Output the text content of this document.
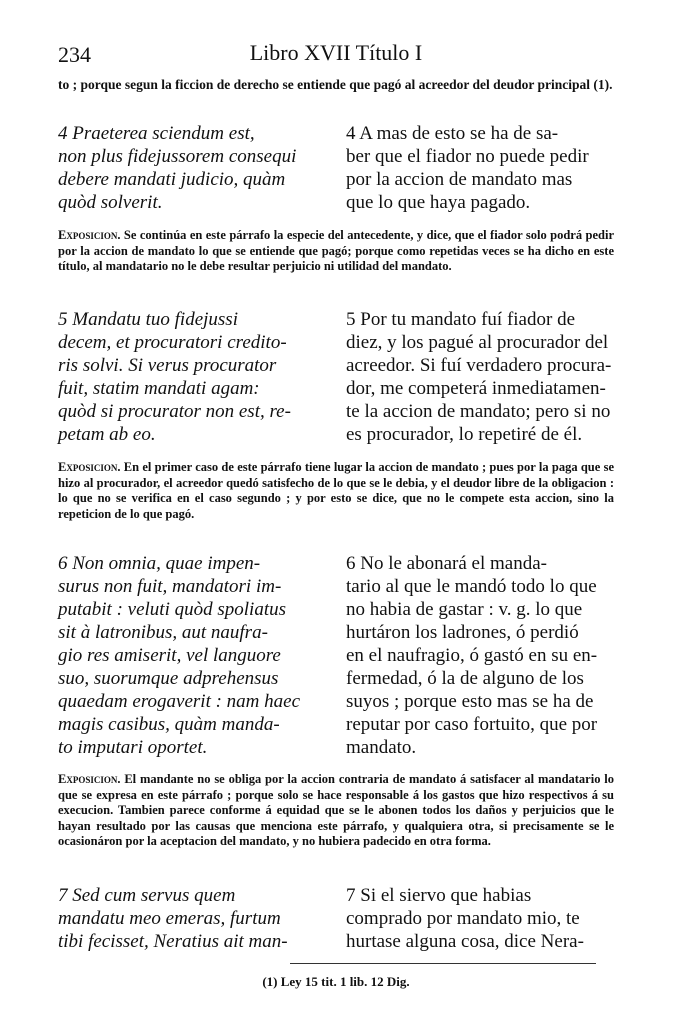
234	Libro XVII Título I
to ; porque segun la ficcion de derecho se entiende que pagó al acreedor del deudor principal (1).
4 Praeterea sciendum est,
non plus fidejussorem consequi
debere mandati judicio, quàm
quòd solverit.
4 A mas de esto se ha de sa-
ber que el fiador no puede pedir
por la accion de mandato mas
que lo que haya pagado.
Exposicion. Se continúa en este párrafo la especie del antecedente, y dice, que el fiador solo podrá pedir por la accion de mandato lo que se entiende que pagó; porque como repetidas veces se ha dicho en este título, al mandatario no le debe resultar perjuicio ni utilidad del mandato.
5 Mandatu tuo fidejussi
decem, et procuratori credito-
ris solvi. Si verus procurator
fuit, statim mandati agam:
quòd si procurator non est, re-
petam ab eo.
5 Por tu mandato fuí fiador de
diez, y los pagué al procurador del
acreedor. Si fuí verdadero procura-
dor, me competerá inmediatamen-
te la accion de mandato; pero si no
es procurador, lo repetiré de él.
Exposicion. En el primer caso de este párrafo tiene lugar la accion de mandato ; pues por la paga que se hizo al procurador, el acreedor quedó satisfecho de lo que se le debia, y el deudor libre de la obligacion : lo que no se verifica en el caso segundo ; y por esto se dice, que no le compete esta accion, sino la repeticion de lo que pagó.
6 Non omnia, quae impen-
surus non fuit, mandatori im-
putabit : veluti quòd spoliatus
sit à latronibus, aut naufra-
gio res amiserit, vel languore
suo, suorumque adprehensus
quaedam erogaverit : nam haec
magis casibus, quàm manda-
to imputari oportet.
6 No le abonará el manda-
tario al que le mandó todo lo que
no habia de gastar : v. g. lo que
hurtáron los ladrones, ó perdió
en el naufragio, ó gastó en su en-
fermedad, ó la de alguno de los
suyos ; porque esto mas se ha de
reputar por caso fortuito, que por
mandato.
Exposicion. El mandante no se obliga por la accion contraria de mandato á satisfacer al mandatario lo que se expresa en este párrafo ; porque solo se hace responsable á los gastos que hizo respectivos á su execucion. Tambien parece conforme á equidad que se le abonen todos los daños y perjuicios que le hayan resultado por las causas que menciona este párrafo, y qualquiera otra, si precisamente se le ocasionáron por la aceptacion del mandato, y no hubiera padecido en otra forma.
7 Sed cum servus quem
mandatu meo emeras, furtum
tibi fecisset, Neratius ait man-
7 Si el siervo que habias
comprado por mandato mio, te
hurtase alguna cosa, dice Nera-
(1) Ley 15 tit. 1 lib. 12 Dig.
